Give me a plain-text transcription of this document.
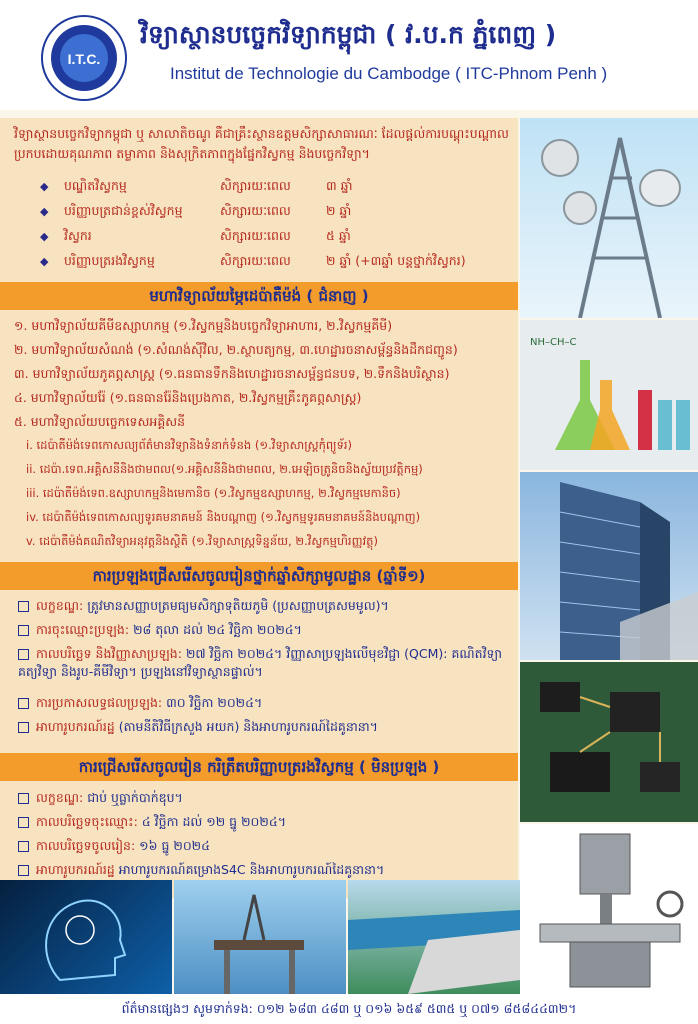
I.T.C.
វិទ្យាស្ថានបច្ចេកវិទ្យាកម្ពុជា ( វ.ប.ក ភ្នំពេញ )
Institut de Technologie du Cambodge ( ITC-Phnom Penh )
វិទ្យាស្ថានបច្ចេកវិទ្យាកម្ពុជា ឬ សាលាតិចណូ គឺជាគ្រឹះស្ថានឧត្តមសិក្សាសាធារណៈ ដែលផ្តល់ការបណ្តុះបណ្តាលប្រកបដោយគុណភាព តម្លាភាព និងសុក្រិតភាពក្នុងផ្នែកវិស្វកម្ម និងបច្ចេកវិទ្យា។
◆ បណ្ឌិតវិស្វកម្ម	សិក្សារយៈពេល	៣ ឆ្នាំ
◆ បរិញ្ញាបត្រជាន់ខ្ពស់វិស្វកម្ម	សិក្សារយៈពេល	២ ឆ្នាំ
◆ វិស្វករ	សិក្សារយៈពេល	៥ ឆ្នាំ
◆ បរិញ្ញាបត្ររងវិស្វកម្ម	សិក្សារយៈពេល	២ ឆ្នាំ (+៣ឆ្នាំ បន្តថ្នាក់វិស្វករ)
មហាវិទ្យាល័យម្ភៃដេប៉ាតឺម៉ង់ ( ជំនាញ )
១. មហាវិទ្យាល័យគីមីឧស្សាហកម្ម (១.វិស្វកម្មនិងបច្ចេកវិទ្យាអាហារ, ២.វិស្វកម្មគីមី)
២. មហាវិទ្យាល័យសំណង់ (១.សំណង់ស៊ីវិល, ២.ស្ថាបត្យកម្ម, ៣.ហេដ្ឋារចនាសម្ព័ន្ធនិងដឹកជញ្ជូន)
៣. មហាវិទ្យាល័យភូគព្ភសាស្ត្រ (១.ធនធានទឹកនិងហេដ្ឋារចនាសម្ព័ន្ធជនបទ, ២.ទឹកនិងបរិស្ថាន)
៤. មហាវិទ្យាល័យរ៉ែ (១.ធនធានរ៉ែនិងប្រេងកាត, ២.វិស្វកម្មគ្រឹះភូគព្ភសាស្ត្រ)
៥. មហាវិទ្យាល័យបច្ចេកទេសអគ្គិសនី
i. ដេប៉ាតឺម៉ង់ទេពកោសល្យព័ត៌មានវិទ្យានិងទំនាក់ទំនង (១.វិទ្យាសាស្ត្រកុំព្យូទ័រ)
ii. ដេប៉ា.ទេព.អគ្គិសនីនិងថាមពល(១.អគ្គិសនីនិងថាមពល, ២.អេឡិចត្រូនិចនិងស្វ័យប្រវត្តិកម្ម)
iii. ដេប៉ាតឺម៉ង់ទេព.ឧស្សាហកម្មនិងមេកានិច (១.វិស្វកម្មឧស្សាហកម្ម, ២.វិស្វកម្មមេកានិច)
iv. ដេប៉ាតឺម៉ង់ទេពកោសល្យទូរគមនាគមន៍ និងបណ្តាញ (១.វិស្វកម្មទូរគមនាគមន៍និងបណ្តាញ)
v. ដេប៉ាតឺម៉ង់គណិតវិទ្យាអនុវត្តនិងស្ថិតិ (១.វិទ្យាសាស្ត្រទិន្នន័យ, ២.វិស្វកម្មហិរញ្ញវត្ថុ)
ការប្រឡងជ្រើសរើសចូលរៀនថ្នាក់ឆ្នាំសិក្សាមូលដ្ឋាន (ឆ្នាំទី១)
លក្ខខណ្ឌ: ត្រូវមានសញ្ញាបត្រមធ្យមសិក្សាទុតិយភូមិ (ប្រសញ្ញាបត្រសមមូល)។
ការចុះឈ្មោះប្រឡង: ២៨ តុលា ដល់ ២៤ វិច្ឆិកា ២០២៤។
កាលបរិច្ឆេទ និងវិញ្ញាសាប្រឡង: ២៧ វិច្ឆិកា ២០២៤។ វិញ្ញាសាប្រឡងលើមុខវិជ្ជា (QCM): គណិតវិទ្យា គត្យវិទ្យា និងរូប-គីមីវិទ្យា។ ប្រឡងនៅវិទ្យាស្ថានផ្ទាល់។
ការប្រកាសលទ្ធផលប្រឡង: ៣០ វិច្ឆិកា ២០២៤។
អាហារូបករណ៍រដ្ឋ (តាមនីតិវិធីក្រសួង អយក) និងអាហារូបករណ៍ដៃគូនានា។
ការជ្រើសរើសចូលរៀន ករិត្រឹតបរិញ្ញាបត្ររងវិស្វកម្ម ( មិនប្រឡង )
លក្ខខណ្ឌ: ជាប់ ឬធ្លាក់បាក់ឌុប។
កាលបរិច្ឆេទចុះឈ្មោះ: ៤ វិច្ឆិកា ដល់ ១២ ធ្នូ ២០២៤។
កាលបរិច្ឆេទចូលរៀន: ១៦ ធ្នូ ២០២៤
អាហារូបករណ៍រដ្ឋ អាហារូបករណ៍គម្រោងS4C និងអាហារូបករណ៍ដៃគូនានា។
NH–CH–C
ព័ត៌មានផ្សេងៗ សូមទាក់ទង: ០១២ ៦៨៣ ៤៨៣ ឬ ០១៦ ៦៥៩ ៥៣៥ ឬ ០៧១ ៨៥៨៤៤៣២។
